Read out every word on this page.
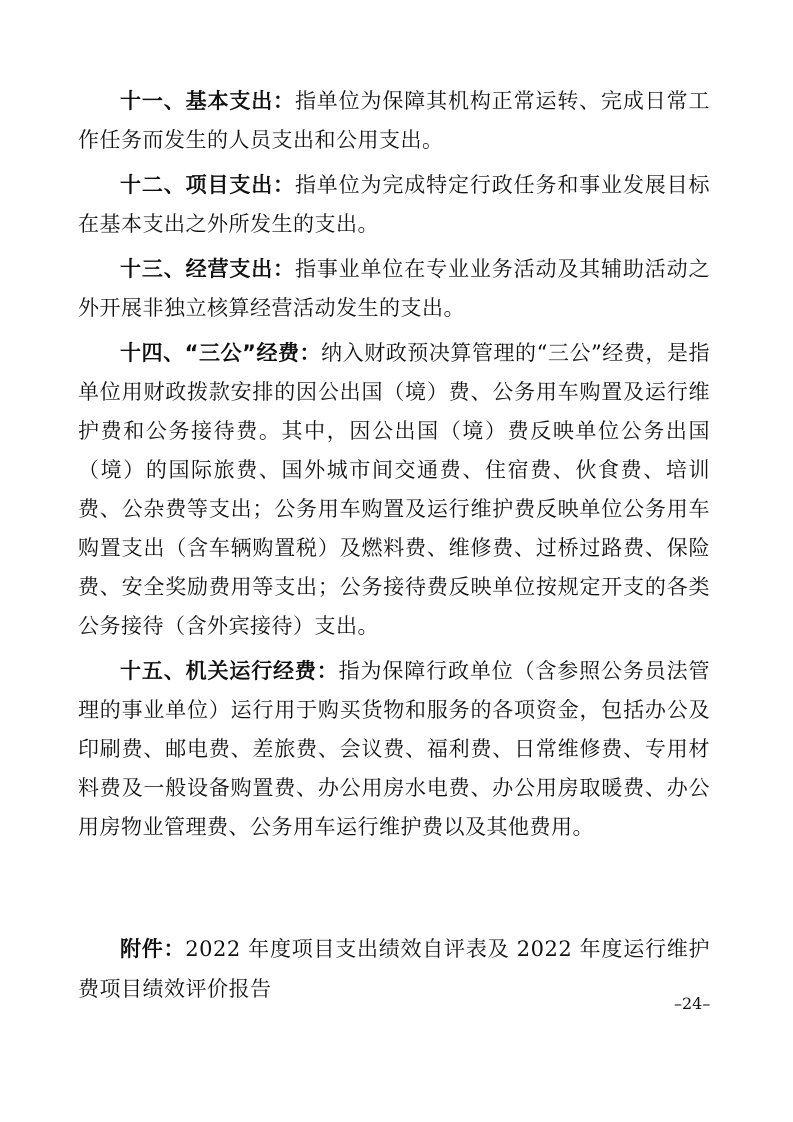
十一、基本支出：指单位为保障其机构正常运转、完成日常工作任务而发生的人员支出和公用支出。

十二、项目支出：指单位为完成特定行政任务和事业发展目标在基本支出之外所发生的支出。

十三、经营支出：指事业单位在专业业务活动及其辅助活动之外开展非独立核算经营活动发生的支出。

十四、“三公”经费：纳入财政预决算管理的“三公”经费，是指单位用财政拨款安排的因公出国（境）费、公务用车购置及运行维护费和公务接待费。其中，因公出国（境）费反映单位公务出国（境）的国际旅费、国外城市间交通费、住宿费、伙食费、培训费、公杂费等支出；公务用车购置及运行维护费反映单位公务用车购置支出（含车辆购置税）及燃料费、维修费、过桥过路费、保险费、安全奖励费用等支出；公务接待费反映单位按规定开支的各类公务接待（含外宾接待）支出。

十五、机关运行经费：指为保障行政单位（含参照公务员法管理的事业单位）运行用于购买货物和服务的各项资金，包括办公及印刷费、邮电费、差旅费、会议费、福利费、日常维修费、专用材料费及一般设备购置费、办公用房水电费、办公用房取暖费、办公用房物业管理费、公务用车运行维护费以及其他费用。

附件：2022 年度项目支出绩效自评表及 2022 年度运行维护费项目绩效评价报告

–24–
